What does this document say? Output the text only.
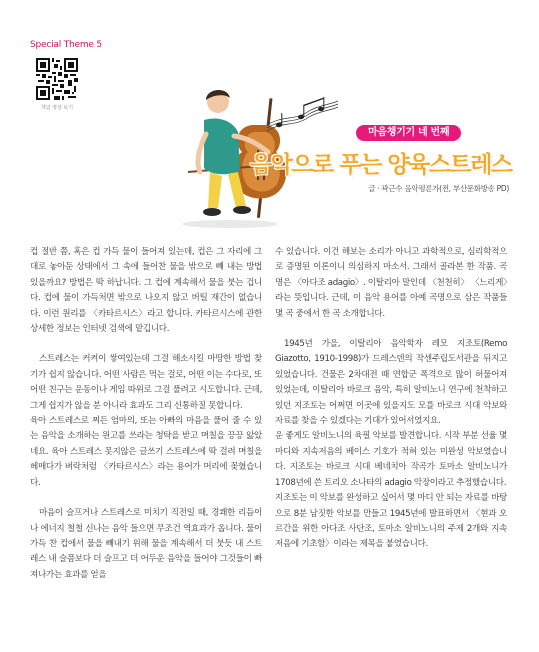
Special Theme 5
개념 영상 보기
마음챙기기 네 번째
음악으로 푸는 양육스트레스
글 · 곽근수 음악평론가(전, 부산문화방송 PD)

컵 절반 쯤, 혹은 컵 가득 물이 들어져 있는데, 컵은 그 자리에 그대로 놓아둔 상태에서 그 속에 들어찬 물을 밖으로 빼 내는 방법 있을까요? 방법은 딱 하납니다. 그 컵에 계속해서 물을 붓는 겁니다. 컵에 물이 가득처면 밖으로 나오지 않고 버틸 재간이 없습니다. 이런 원리를 〈카타르시스〉라고 합니다. 카타르시스에 관한 상세한 정보는 인터넷 검색에 맡깁니다.

스트레스는 커켜이 쌓여있는데 그걸 해소시킬 마땅한 방법 찾기가 쉽지 않습니다. 어떤 사람은 먹는 걸로, 어떤 이는 수다로, 또 어떤 친구는 운동이나 게임 따위로 그걸 풀려고 시도합니다. 근데, 그게 쉽지가 않을 분 아니라 효과도 그리 신통하질 못합니다.

육아 스트레스로 찌든 엄마의, 또는 아빠의 마음을 풀어 줄 수 있는 음악을 소개하는 원고를 쓰라는 청탁을 받고 며칠을 끙끙 앓았네요. 육아 스트레스 못지않은 글쓰기 스트레스에 딱 걸려 며칠을 헤매다가 벼락처럼 〈카타르시스〉라는 용어가 머리에 꽂혔습니다.

마음이 슬프거나 스트레스로 미치기 직전일 때, 경쾌한 리듬이나 에너지 철철 신나는 음악 들으면 무조건 역효과가 옵니다. 물이 가득 찬 컵에서 물을 빼내기 위해 물을 계속해서 더 붓듯 내 스트레스 내 슬픔보다 더 슬프고 더 어두운 음악을 들어야 그것들이 빠져나가는 효과를 얻을

수 있습니다. 이건 해보는 소리가 아니고 과학적으로, 심리학적으로 증명된 이론이니 의심하지 마소서. 그래서 골라본 한 작품. 곡명은 〈아다조 adagio〉. 이탈리아 말인데 〈천천히〉 〈느리게〉라는 뜻입니다. 근데, 이 음악 용어를 아예 곡명으로 삼은 작품들 몇 곡 중에서 한 곡 소개합니다.

1945년 가을, 이탈리아 음악학자 레모 지조토(Remo Giazotto, 1910-1998)가 드레스덴의 작센주립도서관을 뒤지고 있었습니다. 건물은 2차대전 때 연합군 폭격으로 많이 허물어져 있었는데, 이탈리아 바로크 음악, 특히 알비노니 연구에 천착하고 있던 지조토는 어쩌면 이곳에 있을지도 모를 바로크 시대 악보와 자료를 찾을 수 있겠다는 기대가 있어서였지요.

운 좋게도 알비노니의 육필 악보를 발견합니다. 시작 부분 선율 몇 마디와 지속저음의 베이스 기호가 적혀 있는 미완성 악보였습니다. 지조토는 바로크 시대 베네치아 작곡가 토마소 알비노니가 1708년에 쓴 트리오 소나타의 adagio 악장이라고 추정했습니다.

지조토는 이 악보를 완성하고 싶어서 몇 마디 안 되는 자료를 바탕으로 8분 남짓한 악보를 만들고 1945년에 발표하면서 〈현과 오르간을 위한 아다조 사단조, 토마소 알비노니의 주제 2개와 지속저음에 기초함〉이라는 제목을 붙였습니다.
